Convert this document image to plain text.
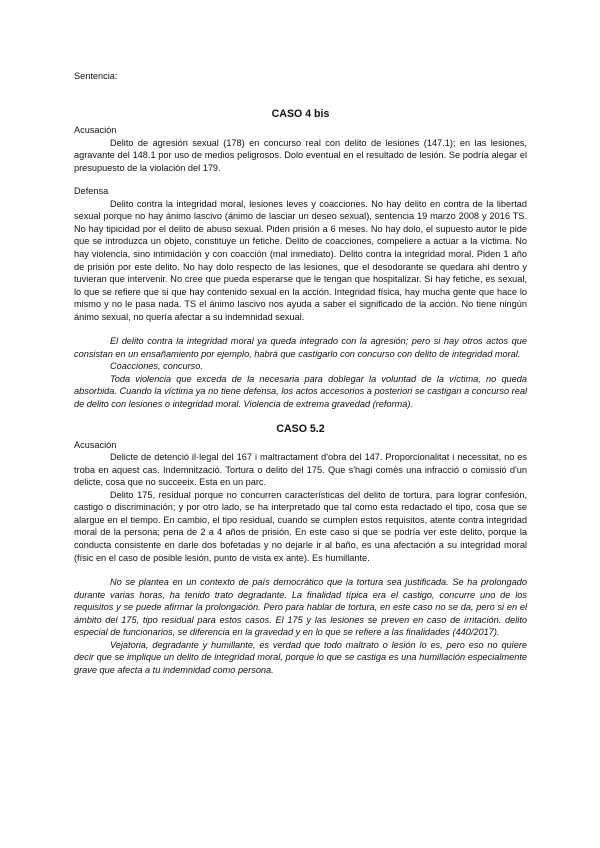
Sentencia:
CASO 4 bis
Acusación

Delito de agresión sexual (178) en concurso real con delito de lesiones (147.1); en las lesiones, agravante del 148.1 por uso de medios peligrosos. Dolo eventual en el resultado de lesión. Se podría alegar el presupuesto de la violación del 179.

Defensa

Delito contra la integridad moral, lesiones leves y coacciones. No hay delito en contra de la libertad sexual porque no hay ánimo lascivo (ánimo de lasciar un deseo sexual), sentencia 19 marzo 2008 y 2016 TS. No hay tipicidad por el delito de abuso sexual. Piden prisión a 6 meses. No hay dolo, el supuesto autor le pide que se introduzca un objeto, constituye un fetiche. Delito de coacciones, compeliere a actuar a la víctima. No hay violencia, sino intimidación y con coacción (mal inmediato). Delito contra la integridad moral. Piden 1 año de prisión por este delito. No hay dolo respecto de las lesiones, que el desodorante se quedara ahí dentro y tuvieran que intervenir. No cree que pueda esperarse que le tengan que hospitalizar. Si hay fetiche, es sexual, lo que se refiere que si que hay contenido sexual en la acción. Integridad física, hay mucha gente que hace lo mismo y no le pasa nada. TS el ánimo lascivo nos ayuda a saber el significado de la acción. No tiene ningún ánimo sexual, no quería afectar a su indemnidad sexual.

El delito contra la integridad moral ya queda integrado con la agresión; pero si hay otros actos que consistan en un ensañamiento por ejemplo, habrá que castigarlo con concurso con delito de integridad moral.

Coacciones, concurso.

Toda violencia que exceda de la necesaria para doblegar la voluntad de la víctima, no queda absorbida. Cuando la víctima ya no tiene defensa, los actos accesorios a posteriori se castigan a concurso real de delito con lesiones o integridad moral. Violencia de extrema gravedad (reforma).

CASO 5.2
Acusación

Delicte de detenció il·legal del 167 i maltractament d'obra del 147. Proporcionalitat i necessitat, no es troba en aquest cas. Indemnització. Tortura o delito del 175. Que s'hagi comès una infracció o comissió d'un delicte, cosa que no succeeix. Esta en un parc.

Delito 175, residual porque no concurren características del delito de tortura, para lograr confesión, castigo o discriminación; y por otro lado, se ha interpretado que tal como esta redactado el tipo, cosa que se alargue en el tiempo. En cambio, el tipo residual, cuando se cumplen estos requisitos, atente contra integridad moral de la persona; pena de 2 a 4 años de prisión. En este caso si que se podría ver este delito, porque la conducta consistente en darle dos bofetadas y no dejarle ir al baño, es una afectación a su integridad moral (físic en el caso de posible lesión, punto de vista ex ante). Es humillante.

No se plantea en un contexto de país democrático que la tortura sea justificada. Se ha prolongado durante varias horas, ha tenido trato degradante. La finalidad típica era el castigo, concurre uno de los requisitos y se puede afirmar la prolongación. Pero para hablar de tortura, en este caso no se da, pero si en el ámbito del 175, tipo residual para estos casos. El 175 y las lesiones se preven en caso de irritación. delito especial de funcionarios, se diferencia en la gravedad y en lo que se refiere a las finalidades (440/2017).

Vejatoria, degradante y humillante, es verdad que todo maltrato o lesión lo es, pero eso no quiere decir que se implique un delito de integridad moral, porque lo que se castiga es una humillación especialmente grave que afecta a tu indemnidad como persona.
